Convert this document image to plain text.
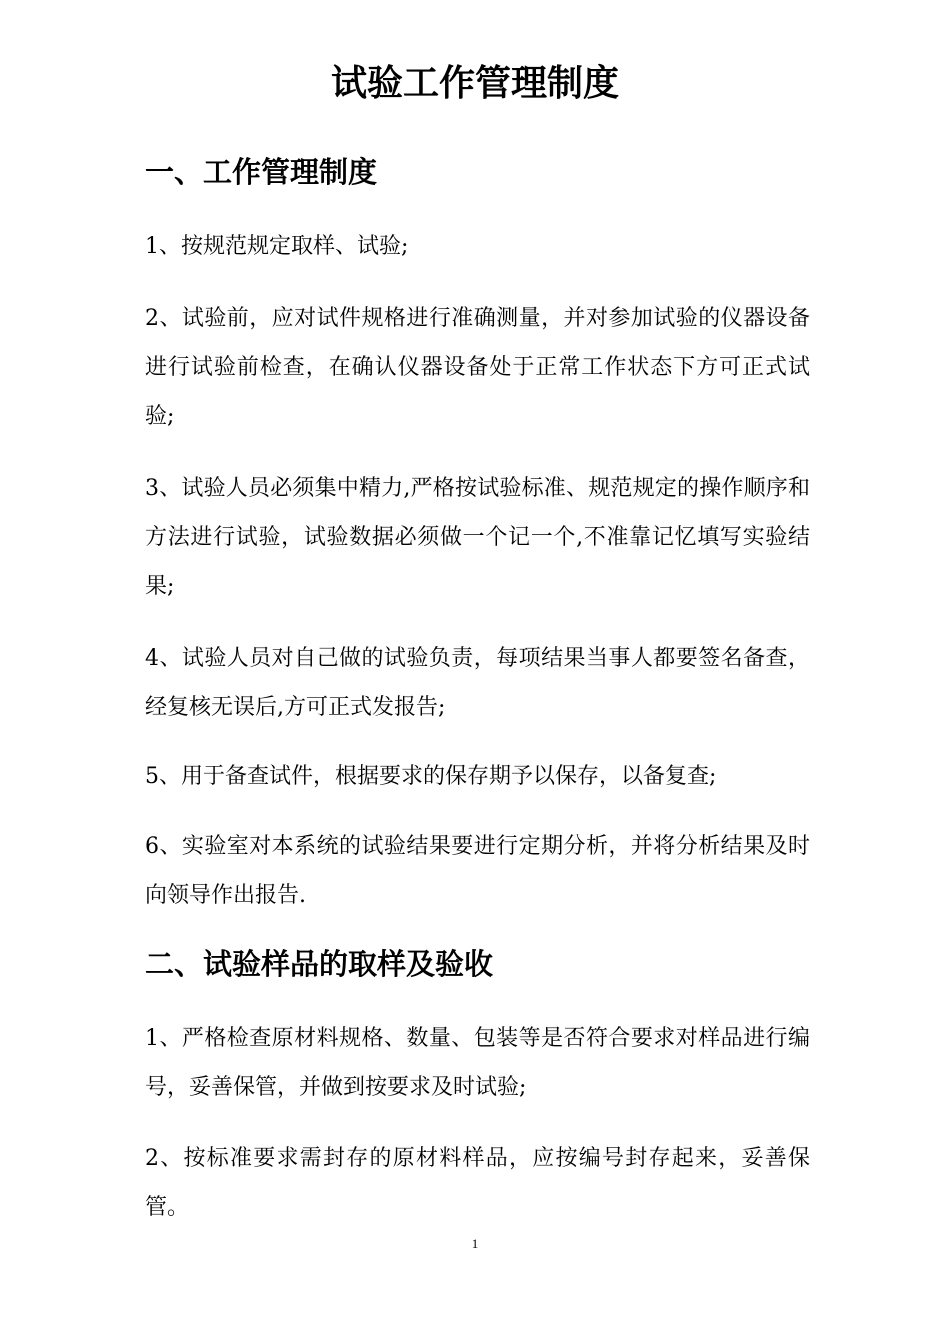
试验工作管理制度
一、工作管理制度

1、按规范规定取样、试验;

2、试验前，应对试件规格进行准确测量，并对参加试验的仪器设备进行试验前检查，在确认仪器设备处于正常工作状态下方可正式试验;

3、试验人员必须集中精力,严格按试验标准、规范规定的操作顺序和方法进行试验，试验数据必须做一个记一个,不准靠记忆填写实验结果;

4、试验人员对自己做的试验负责，每项结果当事人都要签名备查，经复核无误后,方可正式发报告;

5、用于备查试件，根据要求的保存期予以保存，以备复查;

6、实验室对本系统的试验结果要进行定期分析，并将分析结果及时向领导作出报告.

二、试验样品的取样及验收

1、严格检查原材料规格、数量、包装等是否符合要求对样品进行编号，妥善保管，并做到按要求及时试验;

2、按标准要求需封存的原材料样品，应按编号封存起来，妥善保管。

1
